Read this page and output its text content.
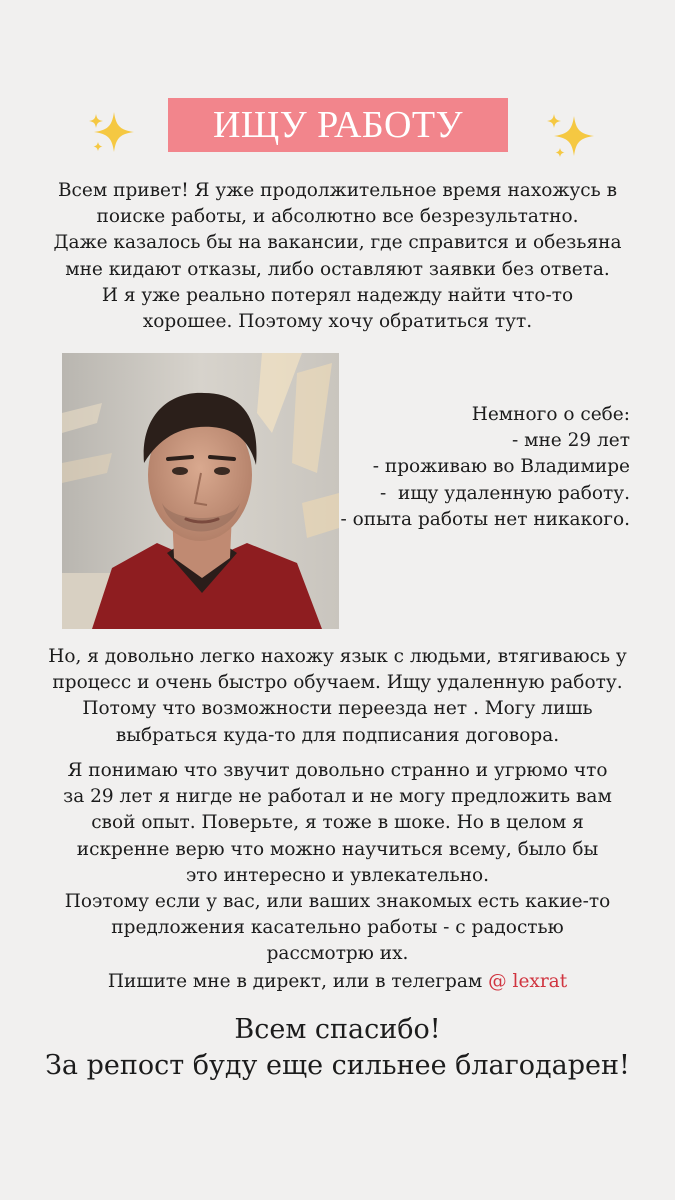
ИЩУ РАБОТУ
Всем привет! Я уже продолжительное время нахожусь в
поиске работы, и абсолютно все безрезультатно.
Даже казалось бы на вакансии, где справится и обезьяна
мне кидают отказы, либо оставляют заявки без ответа.
И я уже реально потерял надежду найти что-то
хорошее. Поэтому хочу обратиться тут.
Немного о себе:
- мне 29 лет
- проживаю во Владимире
-  ищу удаленную работу.
- опыта работы нет никакого.
Но, я довольно легко нахожу язык с людьми, втягиваюсь у
процесс и очень быстро обучаем. Ищу удаленную работу.
Потому что возможности переезда нет . Могу лишь
выбраться куда-то для подписания договора.
Я понимаю что звучит довольно странно и угрюмо что
за 29 лет я нигде не работал и не могу предложить вам
свой опыт. Поверьте, я тоже в шоке. Но в целом я
искренне верю что можно научиться всему, было бы
это интересно и увлекательно.
Поэтому если у вас, или ваших знакомых есть какие-то
предложения касательно работы - с радостью
рассмотрю их.
Пишите мне в директ, или в телеграм @ lexrat
Всем спасибо!
За репост буду еще сильнее благодарен!
